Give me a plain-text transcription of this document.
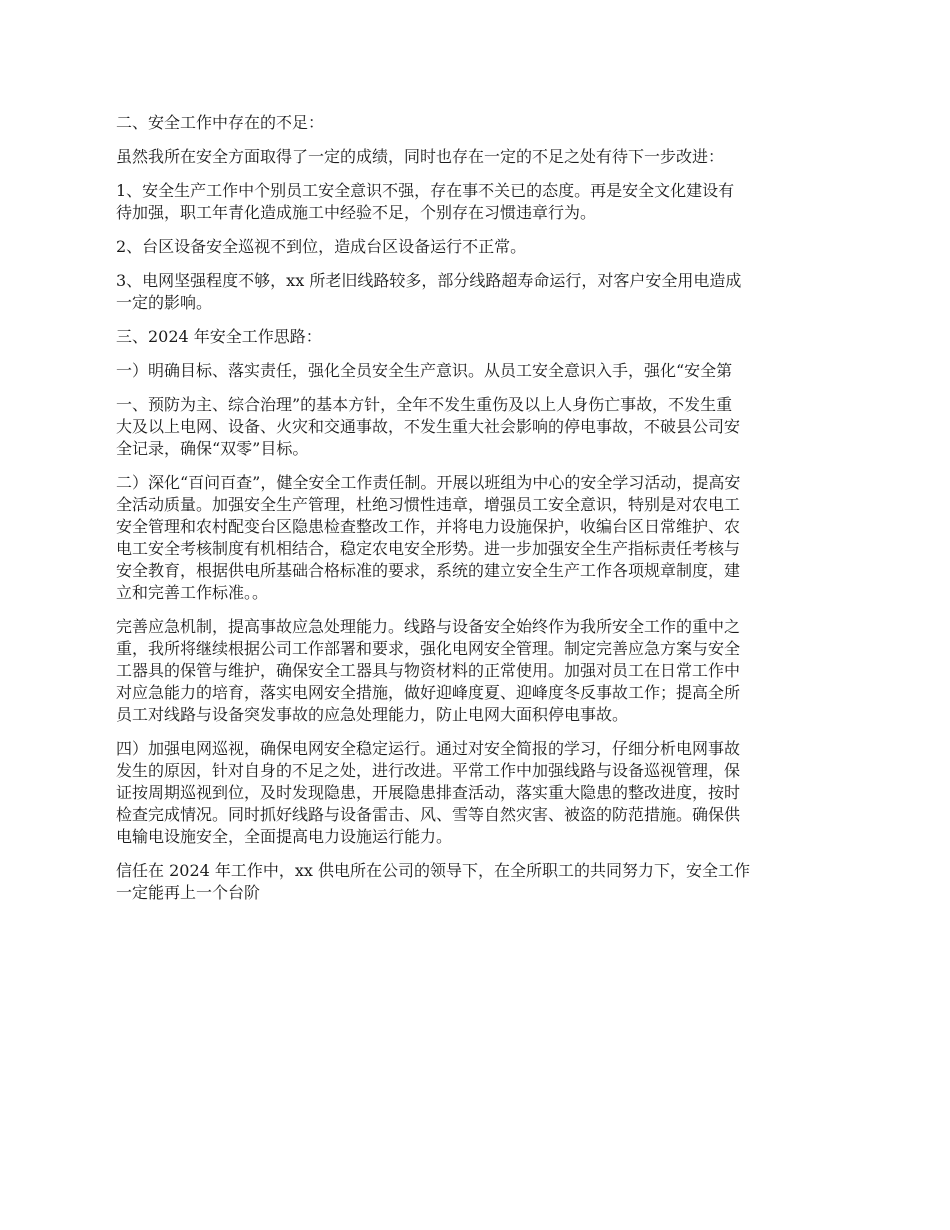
二、安全工作中存在的不足：

虽然我所在安全方面取得了一定的成绩，同时也存在一定的不足之处有待下一步改进：

1、安全生产工作中个别员工安全意识不强，存在事不关已的态度。再是安全文化建设有
待加强，职工年青化造成施工中经验不足，个别存在习惯违章行为。

2、台区设备安全巡视不到位，造成台区设备运行不正常。

3、电网坚强程度不够，xx 所老旧线路较多，部分线路超寿命运行，对客户安全用电造成
一定的影响。

三、2024 年安全工作思路：

一）明确目标、落实责任，强化全员安全生产意识。从员工安全意识入手，强化“安全第

一、预防为主、综合治理”的基本方针，全年不发生重伤及以上人身伤亡事故，不发生重
大及以上电网、设备、火灾和交通事故，不发生重大社会影响的停电事故，不破县公司安
全记录，确保“双零”目标。

二）深化“百问百查”，健全安全工作责任制。开展以班组为中心的安全学习活动，提高安
全活动质量。加强安全生产管理，杜绝习惯性违章，增强员工安全意识，特别是对农电工
安全管理和农村配变台区隐患检查整改工作，并将电力设施保护，收编台区日常维护、农
电工安全考核制度有机相结合，稳定农电安全形势。进一步加强安全生产指标责任考核与
安全教育，根据供电所基础合格标准的要求，系统的建立安全生产工作各项规章制度，建
立和完善工作标准。。

完善应急机制，提高事故应急处理能力。线路与设备安全始终作为我所安全工作的重中之
重，我所将继续根据公司工作部署和要求，强化电网安全管理。制定完善应急方案与安全
工器具的保管与维护，确保安全工器具与物资材料的正常使用。加强对员工在日常工作中
对应急能力的培育，落实电网安全措施，做好迎峰度夏、迎峰度冬反事故工作；提高全所
员工对线路与设备突发事故的应急处理能力，防止电网大面积停电事故。

四）加强电网巡视，确保电网安全稳定运行。通过对安全简报的学习，仔细分析电网事故
发生的原因，针对自身的不足之处，进行改进。平常工作中加强线路与设备巡视管理，保
证按周期巡视到位，及时发现隐患，开展隐患排查活动，落实重大隐患的整改进度，按时
检查完成情况。同时抓好线路与设备雷击、风、雪等自然灾害、被盗的防范措施。确保供
电输电设施安全，全面提高电力设施运行能力。

信任在 2024 年工作中，xx 供电所在公司的领导下，在全所职工的共同努力下，安全工作
一定能再上一个台阶
